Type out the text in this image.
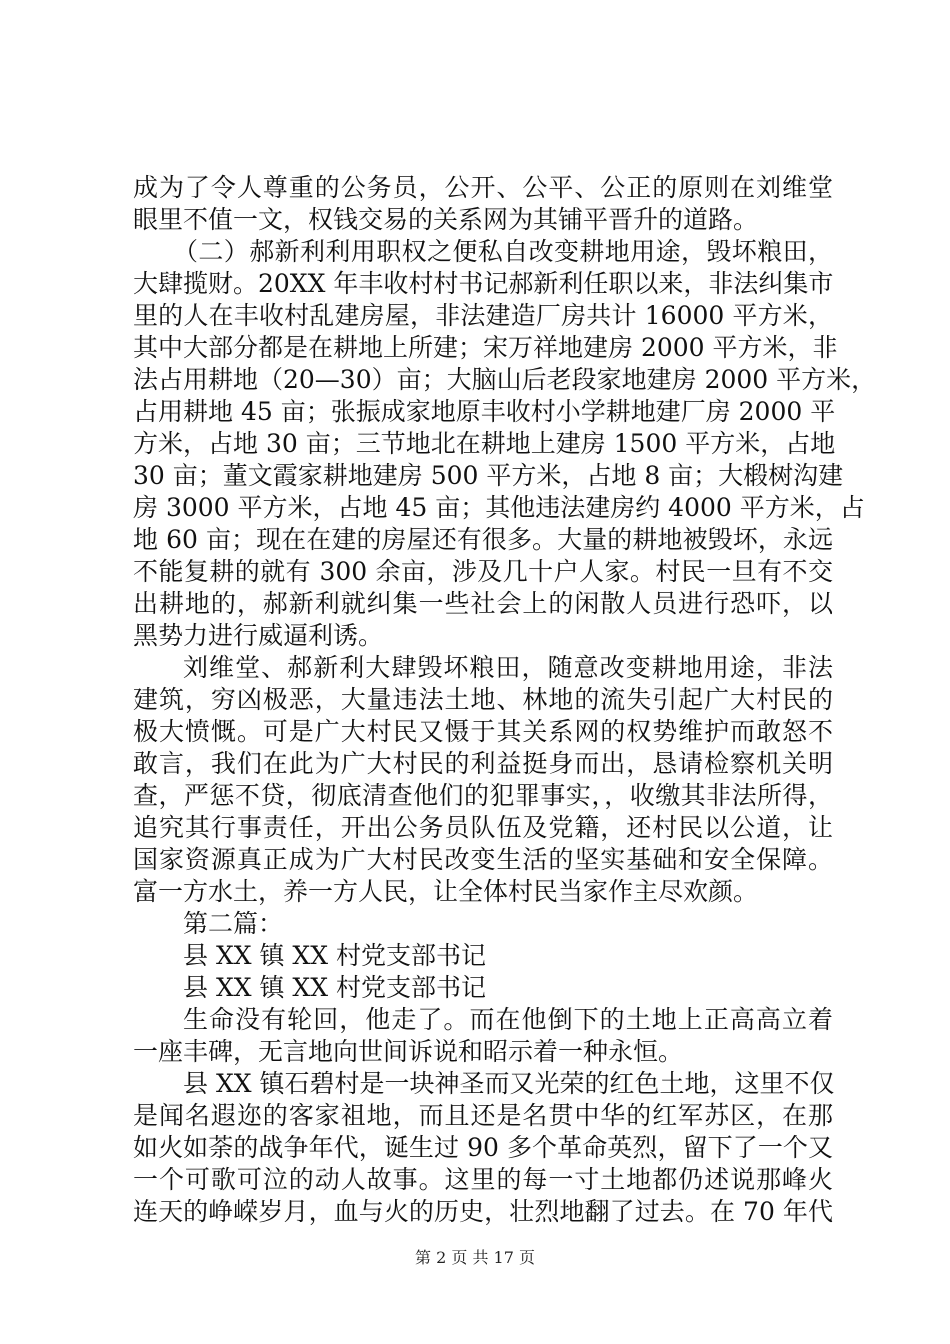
成为了令人尊重的公务员，公开、公平、公正的原则在刘维堂
眼里不值一文，权钱交易的关系网为其铺平晋升的道路。
（二）郝新利利用职权之便私自改变耕地用途，毁坏粮田，
大肆揽财。20XX 年丰收村村书记郝新利任职以来，非法纠集市
里的人在丰收村乱建房屋，非法建造厂房共计 16000 平方米，
其中大部分都是在耕地上所建；宋万祥地建房 2000 平方米，非
法占用耕地（20—30）亩；大脑山后老段家地建房 2000 平方米，
占用耕地 45 亩；张振成家地原丰收村小学耕地建厂房 2000 平
方米，占地 30 亩；三节地北在耕地上建房 1500 平方米，占地
30 亩；董文霞家耕地建房 500 平方米，占地 8 亩；大椴树沟建
房 3000 平方米，占地 45 亩；其他违法建房约 4000 平方米，占
地 60 亩；现在在建的房屋还有很多。大量的耕地被毁坏，永远
不能复耕的就有 300 余亩，涉及几十户人家。村民一旦有不交
出耕地的，郝新利就纠集一些社会上的闲散人员进行恐吓，以
黑势力进行威逼利诱。
刘维堂、郝新利大肆毁坏粮田，随意改变耕地用途，非法
建筑，穷凶极恶，大量违法土地、林地的流失引起广大村民的
极大愤慨。可是广大村民又慑于其关系网的权势维护而敢怒不
敢言，我们在此为广大村民的利益挺身而出，恳请检察机关明
查，严惩不贷，彻底清查他们的犯罪事实，，收缴其非法所得，
追究其行事责任，开出公务员队伍及党籍，还村民以公道，让
国家资源真正成为广大村民改变生活的坚实基础和安全保障。
富一方水土，养一方人民，让全体村民当家作主尽欢颜。
第二篇：
县 XX 镇 XX 村党支部书记
县 XX 镇 XX 村党支部书记
生命没有轮回，他走了。而在他倒下的土地上正高高立着
一座丰碑，无言地向世间诉说和昭示着一种永恒。
县 XX 镇石碧村是一块神圣而又光荣的红色土地，这里不仅
是闻名遐迩的客家祖地，而且还是名贯中华的红军苏区，在那
如火如荼的战争年代，诞生过 90 多个革命英烈，留下了一个又
一个可歌可泣的动人故事。这里的每一寸土地都仍述说那峰火
连天的峥嵘岁月，血与火的历史，壮烈地翻了过去。在 70 年代
第 2 页 共 17 页
